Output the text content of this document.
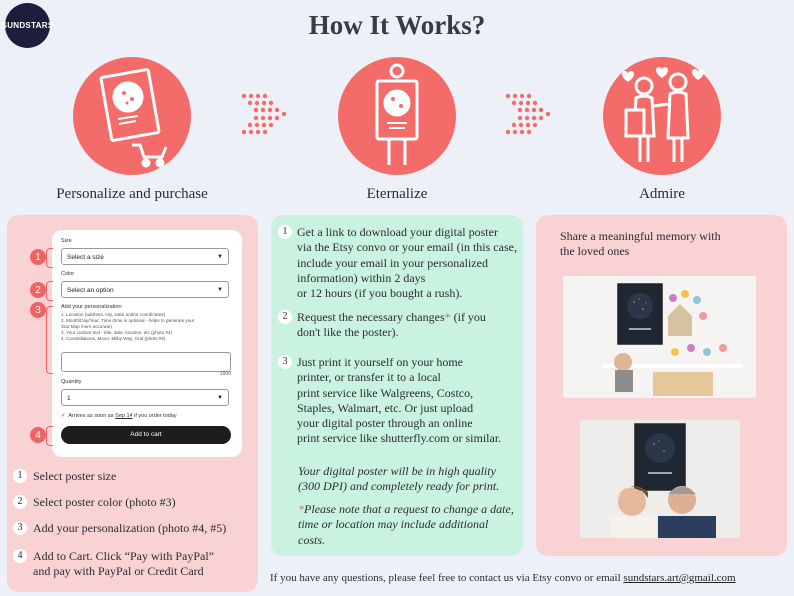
SUNDSTARS	How It Works?
Personalize and purchase	Eternalize	Admire
Size
Select a size	▼
Color
Select an option	▼
Add your personalization
1. Location (address, city, state and/or coordinates)
2. Month/Day/Year, Time (time is optional - helps to generate your
Star Map more accurate)
3. Your custom text - title, date, location, etc (photo #4)
4. Constellations, Moon, Milky Way, Grid (photo #5)
1000
Quantity
1	▼
✓ Arrives as soon as Sep 14 if you order today
Add to cart
1
2
3
4
1 Select poster size
2 Select poster color (photo #3)
3 Add your personalization (photo #4, #5)
4 Add to Cart. Click “Pay with PayPal”
and pay with PayPal or Credit Card
1 Get a link to download your digital poster
via the Etsy convo or your email (in this case,
include your email in your personalized
information) within 2 days
or 12 hours (if you bought a rush).
2 Request the necessary changes* (if you
don't like the poster).
3 Just print it yourself on your home
printer, or transfer it to a local
print service like Walgreens, Costco,
Staples, Walmart, etc. Or just upload
your digital poster through an online
print service like shutterfly.com or similar.
Your digital poster will be in high quality
(300 DPI) and completely ready for print.
*Please note that a request to change a date,
time or location may include additional
costs.
Share a meaningful memory with
the loved ones
If you have any questions, please feel free to contact us via Etsy convo or email sundstars.art@gmail.com
